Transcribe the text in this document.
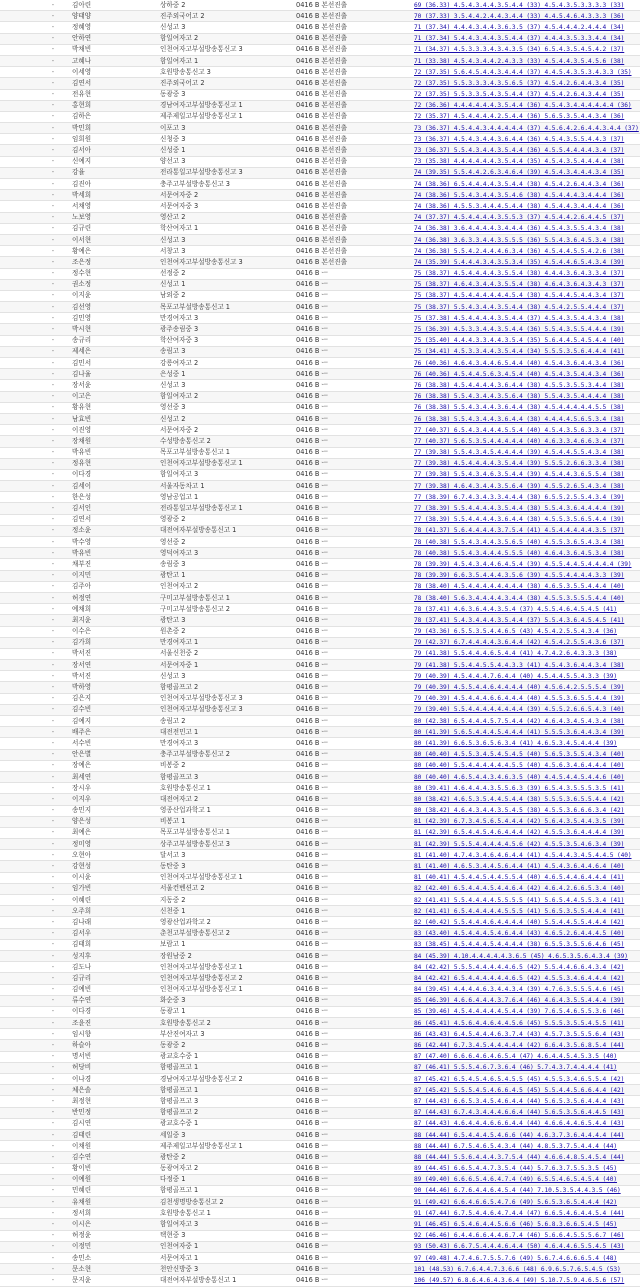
	-	김아린	상하중 2	0416 B 본선진출	69 (36.33) 4.5.4.3.4.4.3.5.4.4 (33) 4.5.4.3.5.3.3.3.3 (33)
	-	양태양	진주외국어고 2	0416 B 본선진출	70 (37.33) 3.5.4.4.2.4.4.3.4.4 (33) 4.4.5.4.6.4.3.3.3 (36)
	-	정혜영	신성고 3	0416 B 본선진출	71 (37.34) 4.4.4.3.4.4.3.6.3.5 (37) 4.5.4.4.4.2.4.4.4 (34)
	-	안하연	함일여자고 2	0416 B 본선진출	71 (37.34) 5.4.4.3.4.4.3.5.4.4 (37) 4.4.4.3.5.3.3.4.4 (34)
	-	박채빈	인천여자고부설방송통신고 3	0416 B 본선진출	71 (34.37) 4.5.3.3.3.4.3.4.3.5 (34) 6.5.4.3.5.4.5.4.2 (37)
	-	고혜나	함일여자고 1	0416 B 본선진출	71 (33.38) 4.5.4.3.4.4.2.4.3.3 (33) 4.5.4.4.3.5.4.5.6 (38)
	-	이세영	호원방송통신고 3	0416 B 본선진출	72 (37.35) 5.6.4.5.4.4.3.4.4.4 (37) 4.4.5.4.3.5.3.4.3.3 (35)
	-	김연서	진주외국어고 2	0416 B 본선진출	72 (37.35) 5.5.3.3.3.4.3.5.6.5 (37) 4.5.4.2.6.4.4.3.4 (35)
	-	전유현	동광중 3	0416 B 본선진출	72 (37.35) 5.5.3.3.5.4.3.5.4.4 (37) 4.5.4.2.6.4.3.4.4 (35)
	-	홍현희	경남여자고부설방송통신고 1	0416 B 본선진출	72 (36.36) 4.4.4.4.4.4.3.5.4.4 (36) 4.5.4.3.4.4.4.4.4.4 (36)
	-	김하은	제주제일고부설방송통신고 1	0416 B 본선진출	72 (35.37) 4.5.4.4.4.4.2.5.4.4 (36) 5.6.5.3.5.4.4.3.4 (36)
	-	박민희	이포고 3	0416 B 본선진출	73 (36.37) 4.5.4.4.3.4.4.4.4.4 (37) 4.5.6.4.2.6.4.4.3.4.4 (37)
	-	임희원	신청중 3	0416 B 본선진출	73 (36.37) 4.5.4.3.4.4.3.6.4.4 (36) 4.5.4.3.5.5.4.4.3 (37)
	-	김서아	신성중 1	0416 B 본선진출	73 (36.37) 5.5.4.3.4.4.3.5.4.4 (36) 4.5.5.4.4.4.4.3.4 (37)
	-	신예지	양선고 3	0416 B 본선진출	73 (35.38) 4.4.4.4.4.4.3.5.4.4 (35) 4.5.4.3.5.4.4.4.4 (38)
	-	강율	전라통일고부설방송통신고 3	0416 B 본선진출	74 (39.35) 5.5.4.4.2.6.3.4.6.4 (39) 4.5.4.3.4.4.4.3.4 (35)
	-	김진아	충주고부설방송통신고 3	0416 B 본선진출	74 (38.36) 6.5.4.4.4.4.3.5.4.4 (38) 4.5.4.2.6.4.4.3.4 (36)
	-	박세희	서문여자중 2	0416 B 본선진출	74 (38.36) 5.5.4.3.4.4.3.5.4.6 (38) 4.5.4.4.4.3.4.4.4 (36)
	-	서채영	서문여자중 3	0416 B 본선진출	74 (38.36) 4.5.5.3.4.4.4.5.4.4 (38) 4.5.4.4.3.4.4.4.4 (36)
	-	노보영	영산고 2	0416 B 본선진출	74 (37.37) 4.5.4.4.4.4.3.5.5.3 (37) 4.5.4.4.2.6.4.4.5 (37)
	-	김규린	학산여자고 1	0416 B 본선진출	74 (36.38) 3.6.4.4.4.4.3.4.4.4 (36) 4.5.4.3.5.5.4.3.4 (38)
	-	이서현	신성고 3	0416 B 본선진출	74 (36.38) 3.6.3.3.4.4.3.5.5.5 (36) 5.5.4.3.6.4.5.3.4 (38)
	-	황예은	서창고 3	0416 B 본선진출	74 (36.38) 5.5.4.2.4.4.4.6.3.4 (36) 4.5.4.4.5.5.4.2.6 (38)
	-	조은정	인천여자고부설방송통신고 3	0416 B 본선진출	74 (35.39) 5.4.4.4.3.4.3.5.3.4 (35) 4.5.4.4.6.5.4.3.4 (39)
	-	정수현	선정중 2	0416 B ㅡ	75 (38.37) 4.5.4.4.4.4.3.5.5.4 (38) 4.4.4.3.6.4.3.3.4 (37)
	-	권소정	신성고 1	0416 B ㅡ	75 (38.37) 4.6.4.3.4.4.3.5.5.4 (38) 4.6.4.3.6.4.3.4.3 (37)
	-	이지윤	남외중 2	0416 B ㅡ	75 (38.37) 4.5.4.4.4.4.4.4.5.4 (38) 4.5.4.4.5.4.4.3.4 (37)
	-	김선영	목포고부설방송통신고 1	0416 B ㅡ	75 (38.37) 5.5.4.3.4.4.3.5.4.4 (38) 4.5.4.2.5.5.4.4.4 (37)
	-	김민영	만경여자고 3	0416 B ㅡ	75 (37.38) 4.5.4.4.4.4.3.5.4.4 (37) 4.5.4.3.5.4.4.3.4 (38)
	-	박시현	광주송림중 3	0416 B ㅡ	75 (36.39) 4.5.3.3.4.4.3.5.4.4 (36) 5.5.4.3.5.5.4.4.4 (39)
	-	송규리	학산여자중 3	0416 B ㅡ	75 (35.40) 4.4.4.3.3.4.4.3.5.4 (35) 5.6.4.4.5.4.5.4.4 (40)
	-	제세은	송림고 3	0416 B ㅡ	75 (34.41) 4.5.3.3.4.4.3.5.4.4 (34) 5.5.5.3.5.6.4.4.4 (41)
	-	김민서	강릉여자고 2	0416 B ㅡ	76 (40.36) 4.6.4.3.4.4.6.5.4.4 (40) 4.5.4.3.6.4.4.3.4 (36)
	-	김나율	은성중 1	0416 B ㅡ	76 (40.36) 4.5.4.4.5.6.3.4.5.4 (40) 4.5.4.3.5.4.4.3.4 (36)
	-	장서윤	신성고 3	0416 B ㅡ	76 (38.38) 4.5.4.4.4.4.3.6.4.4 (38) 4.5.5.3.5.5.3.4.4 (38)
	-	이고은	함일여자고 2	0416 B ㅡ	76 (38.38) 5.5.4.3.4.4.3.5.6.4 (38) 5.5.4.3.5.4.4.4.4 (38)
	-	황유현	영선중 3	0416 B ㅡ	76 (38.38) 5.5.4.3.4.4.3.6.4.4 (38) 4.5.4.4.4.4.4.5.5 (38)
	-	남효빈	신성고 2	0416 B ㅡ	76 (38.38) 5.5.4.3.4.4.3.6.4.4 (38) 4.4.4.4.5.6.5.3.4 (38)
	-	이진영	서문여자중 2	0416 B ㅡ	77 (40.37) 6.5.4.3.4.4.4.5.5.4 (40) 4.5.4.3.5.6.3.3.4 (37)
	-	장채원	수성방송통신고 2	0416 B ㅡ	77 (40.37) 5.6.5.3.5.4.4.4.4.4 (40) 4.6.3.3.4.6.6.3.4 (37)
	-	박유빈	목포고부설방송통신고 1	0416 B ㅡ	77 (39.38) 5.5.4.3.4.5.4.4.4.4 (39) 4.5.4.4.5.5.4.3.4 (38)
	-	정유현	인천여자고부설방송통신고 1	0416 B ㅡ	77 (39.38) 4.5.4.4.4.4.3.5.4.4 (39) 5.5.5.2.6.6.3.3.4 (38)
	-	이다경	함일여자고 3	0416 B ㅡ	77 (39.38) 5.5.4.3.4.6.3.5.4.4 (39) 4.5.4.4.3.6.5.5.4 (38)
	-	김세이	서울자동차고 1	0416 B ㅡ	77 (39.38) 4.6.4.3.4.4.3.5.6.4 (39) 4.5.5.2.6.5.4.3.4 (38)
	-	한은성	영남공업고 1	0416 B ㅡ	77 (38.39) 6.7.4.3.4.3.3.4.4.4 (38) 6.5.5.2.5.5.4.3.4 (39)
	-	김서인	전라통일고부설방송통신고 1	0416 B ㅡ	77 (38.39) 5.5.4.4.4.4.3.5.4.4 (38) 5.5.4.3.6.4.4.4.4 (39)
	-	김연서	영광중 2	0416 B ㅡ	77 (38.39) 5.5.4.4.4.4.3.6.4.4 (38) 4.5.5.3.5.6.5.4.4 (39)
	-	정소윤	대전여자부설방송통신고 1	0416 B ㅡ	78 (41.37) 5.6.4.4.4.4.3.7.5.4 (41) 4.5.4.4.4.4.4.3.5 (37)
	-	박수영	영선중 2	0416 B ㅡ	78 (40.38) 5.5.4.3.4.4.3.5.6.5 (40) 4.5.5.3.6.5.4.3.4 (38)
	-	박유빈	영덕여자고 3	0416 B ㅡ	78 (40.38) 5.5.4.3.4.4.4.5.5.5 (40) 4.6.4.3.6.4.5.3.4 (38)
	-	채부진	송림중 3	0416 B ㅡ	78 (39.39) 4.5.4.3.4.4.6.4.5.4 (39) 4.5.5.4.4.5.4.4.4.4 (39)
	-	이지민	광탄고 1	0416 B ㅡ	78 (39.39) 6.6.3.5.4.4.4.3.5.6 (39) 4.5.5.4.4.4.4.3.3 (39)
	-	김주아	인천여자고 2	0416 B ㅡ	78 (38.40) 4.5.4.4.4.4.4.4.4.4 (38) 4.6.5.3.5.5.4.4.4 (40)
	-	허정연	구미고부설방송통신고 1	0416 B ㅡ	78 (38.40) 5.6.3.4.4.4.4.3.4.4 (38) 4.5.5.3.5.5.5.4.4 (40)
	-	예채희	구미고부설방송통신고 2	0416 B ㅡ	78 (37.41) 4.6.3.6.4.4.3.5.4 (37) 4.5.5.4.6.4.5.4.5 (41)
	-	최지윤	광탄고 3	0416 B ㅡ	78 (37.41) 5.4.3.4.4.4.3.5.4.4 (37) 5.5.4.3.6.4.5.4.5 (41)
	-	이수은	원촌중 2	0416 B ㅡ	79 (43.36) 6.5.5.3.5.4.4.6.5 (43) 4.5.4.2.5.5.4.3.4 (36)
	-	김가희	만경여자고 1	0416 B ㅡ	79 (42.37) 6.7.4.4.4.4.3.6.4.4 (42) 4.5.4.2.5.5.4.3.6 (37)
	-	박서진	서울신천중 2	0416 B ㅡ	79 (41.38) 5.5.4.4.4.6.5.4.4 (41) 4.7.4.2.6.4.3.3.3 (38)
	-	장서연	서문여자중 1	0416 B ㅡ	79 (41.38) 5.5.4.4.5.5.4.4.3.3 (41) 4.5.4.3.6.4.4.3.4 (38)
	-	박서진	신성고 3	0416 B ㅡ	79 (40.39) 4.5.4.4.4.7.6.4.4 (40) 4.5.4.4.5.5.4.3.3 (39)
	-	박하영	함평골프고 2	0416 B ㅡ	79 (40.39) 4.5.5.4.4.6.4.4.4.4 (40) 4.5.6.4.2.5.5.5.4 (39)
	-	김은지	인천여자고부설방송통신고 3	0416 B ㅡ	79 (40.39) 4.5.4.4.4.6.6.4.4.4 (40) 4.5.5.3.6.5.5.4.4 (39)
	-	김수빈	인천여자고부설방송통신고 3	0416 B ㅡ	79 (39.40) 5.5.4.4.4.4.4.4.4.4 (39) 4.5.5.2.6.6.5.4.3 (40)
	-	김예지	송림고 2	0416 B ㅡ	80 (42.38) 6.5.4.4.4.5.7.5.4.4 (42) 4.6.4.3.4.5.4.3.4 (38)
	-	배주은	대전전민고 1	0416 B ㅡ	80 (41.39) 5.6.5.4.4.4.5.4.4.4 (41) 5.5.5.3.6.4.4.3.4 (39)
	-	서수빈	만경여자고 3	0416 B ㅡ	80 (41.39) 6.6.5.3.6.5.6.3.4 (41) 4.6.5.3.4.5.4.4.4 (39)
	-	안은별	충주고부설방송통신고 2	0416 B ㅡ	80 (40.40) 4.5.5.3.4.5.4.5.4.5 (40) 5.6.5.3.5.5.4.3.4 (40)
	-	장예은	비봉중 2	0416 B ㅡ	80 (40.40) 5.5.4.4.4.4.4.4.5.5 (40) 4.5.6.3.4.6.4.4.4 (40)
	-	최세연	함평골프고 3	0416 B ㅡ	80 (40.40) 4.6.5.4.4.3.4.6.3.5 (40) 4.4.5.4.4.5.4.4.6 (40)
	-	장시우	호원방송통신고 1	0416 B ㅡ	80 (39.41) 4.6.4.4.4.3.5.5.6.3 (39) 6.5.4.3.5.5.5.3.5 (41)
	-	이지우	대전여자고 2	0416 B ㅡ	80 (38.42) 4.6.5.3.5.4.4.5.4.4 (38) 5.5.5.3.6.5.5.4.4 (42)
	-	송민지	영종산업과학고 1	0416 B ㅡ	80 (38.42) 4.6.4.3.4.4.3.5.4.5 (38) 4.5.5.3.6.6.6.3.4 (42)
	-	양은성	비봉고 1	0416 B ㅡ	81 (42.39) 6.7.3.4.5.6.5.4.4.4 (42) 5.6.4.3.5.4.4.3.5 (39)
	-	최예은	목포고부설방송통신고 1	0416 B ㅡ	81 (42.39) 6.5.4.4.5.4.6.4.4.4 (42) 4.5.5.3.6.4.4.4.4 (39)
	-	정미영	상주고부설방송통신고 3	0416 B ㅡ	81 (42.39) 5.5.5.4.4.4.4.4.5.6 (42) 4.5.5.3.5.4.6.3.4 (39)
	-	오현아	달서고 3	0416 B ㅡ	81 (41.40) 4.7.4.3.4.6.4.6.4.4 (41) 4.5.4.4.3.4.5.4.4.5 (40)
	-	강현성	동탄중 3	0416 B ㅡ	81 (41.40) 4.6.5.3.4.4.5.6.4.4 (41) 4.5.4.3.6.4.4.6.4 (40)
	-	이시윤	인천여자고부설방송통신고 1	0416 B ㅡ	81 (40.41) 4.5.4.4.5.4.4.5.5.4 (40) 4.6.5.4.4.6.4.4.4 (41)
	-	임가빈	서울컨벤션고 2	0416 B ㅡ	82 (42.40) 6.5.4.4.4.5.4.4.6.4 (42) 4.6.4.2.6.6.5.3.4 (40)
	-	이혜린	지동중 2	0416 B ㅡ	82 (41.41) 5.5.4.4.4.4.5.5.5.5 (41) 5.6.5.4.4.5.5.3.4 (41)
	-	오주희	신천중 1	0416 B ㅡ	82 (41.41) 6.5.4.4.4.4.4.5.5.5 (41) 5.6.5.3.5.5.4.4.4 (41)
	-	김나래	영광산업과학고 2	0416 B ㅡ	82 (40.42) 5.5.4.4.4.6.4.4.4.4 (40) 5.5.4.4.5.5.4.4.4 (42)
	-	김서우	춘천고부설방송통신고 2	0416 B ㅡ	83 (43.40) 4.5.4.4.4.5.4.6.4.4 (43) 4.6.5.2.6.4.4.4.5 (40)
	-	김태희	보람고 1	0416 B ㅡ	83 (38.45) 4.5.4.4.4.5.4.4.4.4 (38) 6.5.5.3.5.5.6.4.6 (45)
	-	성지후	장원남중 2	0416 B ㅡ	84 (45.39) 4.10.4.4.4.4.4.3.6.5 (45) 4.6.5.3.5.6.4.3.4 (39)
	-	김도나	인천여자고부설방송통신고 1	0416 B ㅡ	84 (42.42) 5.5.5.4.4.4.4.4.6.5 (42) 5.5.4.4.6.6.4.3.4 (42)
	-	김규리	인천여자고부설방송통신고 2	0416 B ㅡ	84 (42.42) 6.5.4.4.4.4.4.4.6.5 (42) 4.5.5.3.4.6.4.4.4 (42)
	-	김예빈	인천여자고부설방송통신고 1	0416 B ㅡ	84 (39.45) 4.4.4.4.6.3.4.4.3.4 (39) 4.7.6.3.5.5.5.4.6 (45)
	-	류수연	화순중 3	0416 B ㅡ	85 (46.39) 4.6.6.4.4.4.3.7.6.4 (46) 4.6.4.3.5.5.4.4.4 (39)
	-	이다경	동광고 1	0416 B ㅡ	85 (39.46) 4.5.4.4.4.4.4.5.4.4 (39) 7.6.5.4.6.5.5.3.6 (46)
	-	조윤진	호원방송통신고 2	0416 B ㅡ	86 (45.41) 4.5.6.4.4.6.4.4.5.6 (45) 5.5.5.3.5.5.4.5.5 (41)
	-	임시향	부산진여자고 3	0416 B ㅡ	86 (43.43) 6.4.5.4.4.4.6.3.7.4 (43) 4.5.7.3.5.5.5.6.4 (43)
	-	하슬아	동광중 2	0416 B ㅡ	86 (42.44) 6.7.3.4.5.4.4.4.4.4 (42) 6.6.4.3.5.6.8.5.4 (44)
	-	명서빈	광교호수중 1	0416 B ㅡ	87 (47.40) 6.6.6.4.6.4.6.5.4 (47) 4.6.4.4.5.4.5.3.5 (40)
	-	허당비	함평골프고 1	0416 B ㅡ	87 (46.41) 5.5.5.4.6.7.3.6.4 (46) 5.7.4.3.7.4.4.4.4 (41)
	-	이나경	경남여자고부설방송통신고 2	0416 B ㅡ	87 (45.42) 6.5.4.5.4.6.5.4.5.5 (45) 4.5.5.3.4.6.5.5.4 (42)
	-	체은솔	함평골프고 1	0416 B ㅡ	87 (45.42) 5.5.5.4.5.4.6.6.4.5 (45) 5.5.4.4.5.6.6.4.4 (42)
	-	최정현	함평골프고 3	0416 B ㅡ	87 (44.43) 6.6.5.3.4.5.4.6.4.4 (44) 5.6.5.3.5.6.4.4.4 (43)
	-	반민정	함평골프고 2	0416 B ㅡ	87 (44.43) 6.7.4.3.4.4.4.6.6.4 (44) 5.6.5.3.5.6.4.4.5 (43)
	-	김시연	광교호수중 1	0416 B ㅡ	87 (44.43) 4.6.4.4.4.6.6.6.4.4 (44) 4.6.6.4.4.6.5.4.4 (43)
	-	김태린	세일중 3	0416 B ㅡ	88 (44.44) 6.5.4.4.4.5.4.6.6 (44) 4.6.3.7.3.6.4.4.4.4 (44)
	-	이채원	제주제일고부설방송통신고 1	0416 B ㅡ	88 (44.44) 6.7.5.4.6.5.4.3.4 (44) 4.8.5.3.7.5.4.4.4 (44)
	-	김수연	광탄중 2	0416 B ㅡ	88 (44.44) 5.5.6.4.4.4.3.7.5.4 (44) 4.6.6.4.8.5.4.5.4 (44)
	-	황이빈	동광여자고 2	0416 B ㅡ	89 (44.45) 6.6.5.4.4.7.3.5.4 (44) 5.7.6.3.7.5.5.3.5 (45)
	-	이예원	다정중 1	0416 B ㅡ	89 (49.40) 6.6.6.5.4.6.4.7.4 (49) 6.5.5.4.6.5.4.5.4 (40)
	-	민혜린	함평골프고 1	0416 B ㅡ	90 (44.46) 6.7.6.4.4.6.4.5.4 (44) 7.10.5.3.5.4.4.3.5 (46)
	-	유채원	김천생명방송통신고 2	0416 B ㅡ	91 (49.42) 6.6.4.6.6.5.4.7.6 (49) 5.6.5.3.6.5.4.4.4 (42)
	-	정서희	호원방송통신고 1	0416 B ㅡ	91 (47.44) 6.7.5.4.4.6.4.7.4.4 (47) 6.6.5.4.6.4.4.5.4 (44)
	-	이시은	함일여자고 3	0416 B ㅡ	91 (46.45) 6.5.4.6.4.4.5.6.6 (46) 5.6.8.3.6.6.5.4.5 (45)
	-	허정윤	택현중 3	0416 B ㅡ	92 (46.46) 6.4.4.6.6.4.4.6.7.4 (46) 5.6.6.4.5.5.5.6.7 (46)
	-	이정민	인천여자중 1	0416 B ㅡ	93 (50.43) 6.6.7.5.4.4.4.6.4.4 (50) 4.6.4.4.6.5.5.4.5 (43)
	-	송민소	서문여자고 1	0416 B ㅡ	97 (49.48) 4.7.4.6.7.5.5.7.6 (49) 5.6.7.4.6.6.6.5.4 (48)
	-	문소현	천안신방중 3	0416 B ㅡ	101 (48.53) 6.7.6.4.4.7.3.6.6 (48) 6.9.6.5.7.6.5.4.5 (53)
	-	문지윤	대전여자부설방송통신고 1	0416 B ㅡ	106 (49.57) 6.8.6.4.6.4.3.6.4 (49) 5.10.7.5.9.4.6.5.6 (57)
